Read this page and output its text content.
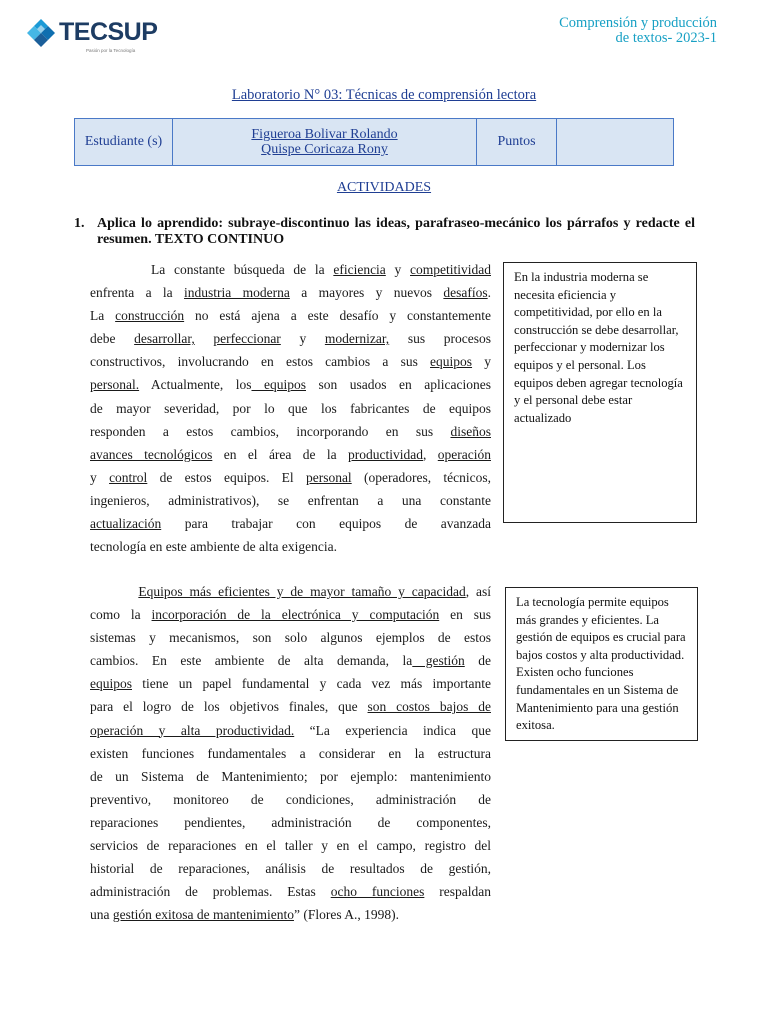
TECSUP
Pasión por la Tecnología
Comprensión y producción
de textos- 2023-1
Laboratorio N° 03: Técnicas de comprensión lectora
Estudiante (s)	Figueroa Bolivar Rolando
Quispe Coricaza Rony
	Puntos	
ACTIVIDADES
1. Aplica lo aprendido: subraye-discontinuo las ideas, parafraseo-mecánico los párrafos y redacte el resumen. TEXTO CONTINUO
La constante búsqueda de la eficiencia y competitividad
enfrenta a la industria moderna a mayores y nuevos desafíos.
La construcción no está ajena a este desafío y constantemente
debe desarrollar, perfeccionar y modernizar, sus procesos
constructivos, involucrando en estos cambios a sus equipos y
personal. Actualmente, los equipos son usados en aplicaciones
de mayor severidad, por lo que los fabricantes de equipos
responden a estos cambios, incorporando en sus diseños
avances tecnológicos en el área de la productividad, operación
y control de estos equipos. El personal (operadores, técnicos,
ingenieros, administrativos), se enfrentan a una constante
actualización para trabajar con equipos de avanzada
tecnología en este ambiente de alta exigencia.
En la industria moderna se necesita eficiencia y competitividad, por ello en la construcción se debe desarrollar, perfeccionar y modernizar los equipos y el personal. Los equipos deben agregar tecnología y el personal debe estar actualizado
Equipos más eficientes y de mayor tamaño y capacidad, así
como la incorporación de la electrónica y computación en sus
sistemas y mecanismos, son solo algunos ejemplos de estos
cambios. En este ambiente de alta demanda, la gestión de
equipos tiene un papel fundamental y cada vez más importante
para el logro de los objetivos finales, que son costos bajos de
operación y alta productividad. “La experiencia indica que
existen funciones fundamentales a considerar en la estructura
de un Sistema de Mantenimiento; por ejemplo: mantenimiento
preventivo, monitoreo de condiciones, administración de
reparaciones pendientes, administración de componentes,
servicios de reparaciones en el taller y en el campo, registro del
historial de reparaciones, análisis de resultados de gestión,
administración de problemas. Estas ocho funciones respaldan
una gestión exitosa de mantenimiento” (Flores A., 1998).
La tecnología permite equipos más grandes y eficientes. La gestión de equipos es crucial para bajos costos y alta productividad. Existen ocho funciones fundamentales en un Sistema de Mantenimiento para una gestión exitosa.
